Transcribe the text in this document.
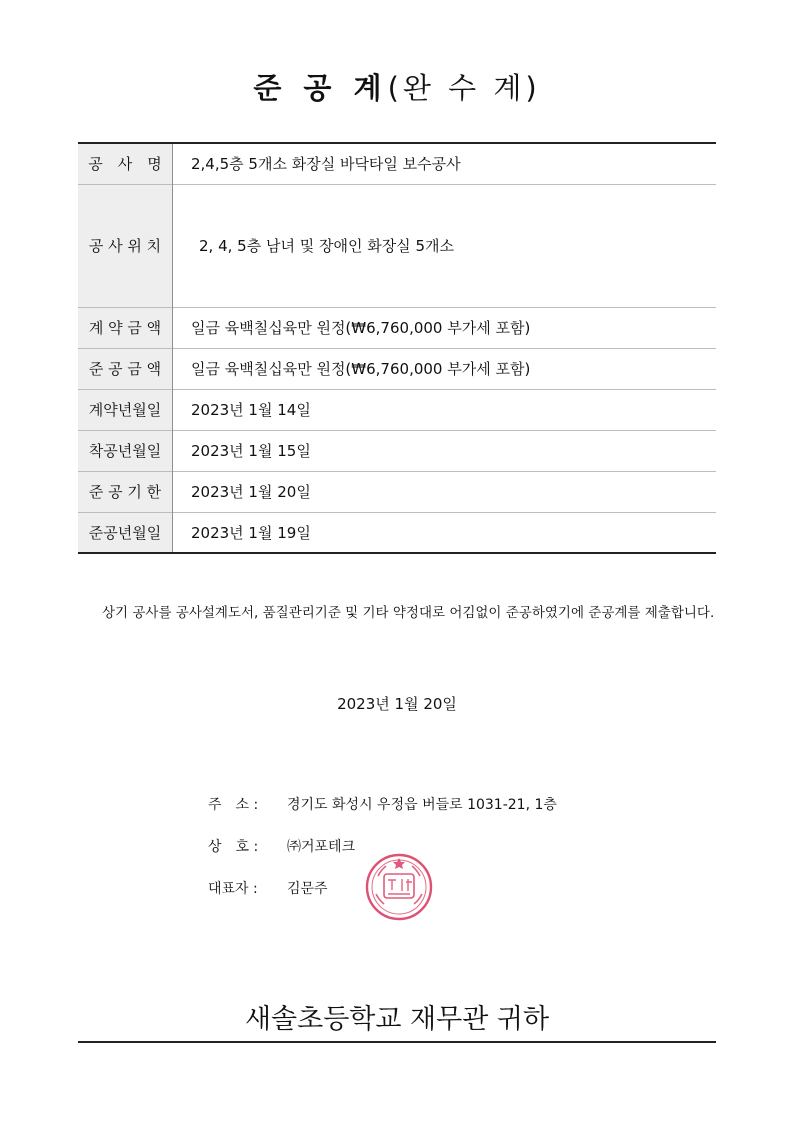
준 공 계(완 수 계)
공　사　명	2,4,5층 5개소 화장실 바닥타일 보수공사
공 사 위 치	2, 4, 5층 남녀 및 장애인 화장실 5개소
계 약 금 액	일금 육백칠십육만 원정(₩6,760,000 부가세 포함)
준 공 금 액	일금 육백칠십육만 원정(₩6,760,000 부가세 포함)
계약년월일	2023년 1월 14일
착공년월일	2023년 1월 15일
준 공 기 한	2023년 1월 20일
준공년월일	2023년 1월 19일
상기 공사를 공사설계도서, 품질관리기준 및 기타 약정대로 어김없이 준공하였기에 준공계를 제출합니다.
2023년 1월 20일
주　소 : 경기도 화성시 우정읍 버들로 1031-21, 1층
상　호 : ㈜거포테크
대표자 : 김문주
새솔초등학교 재무관 귀하
